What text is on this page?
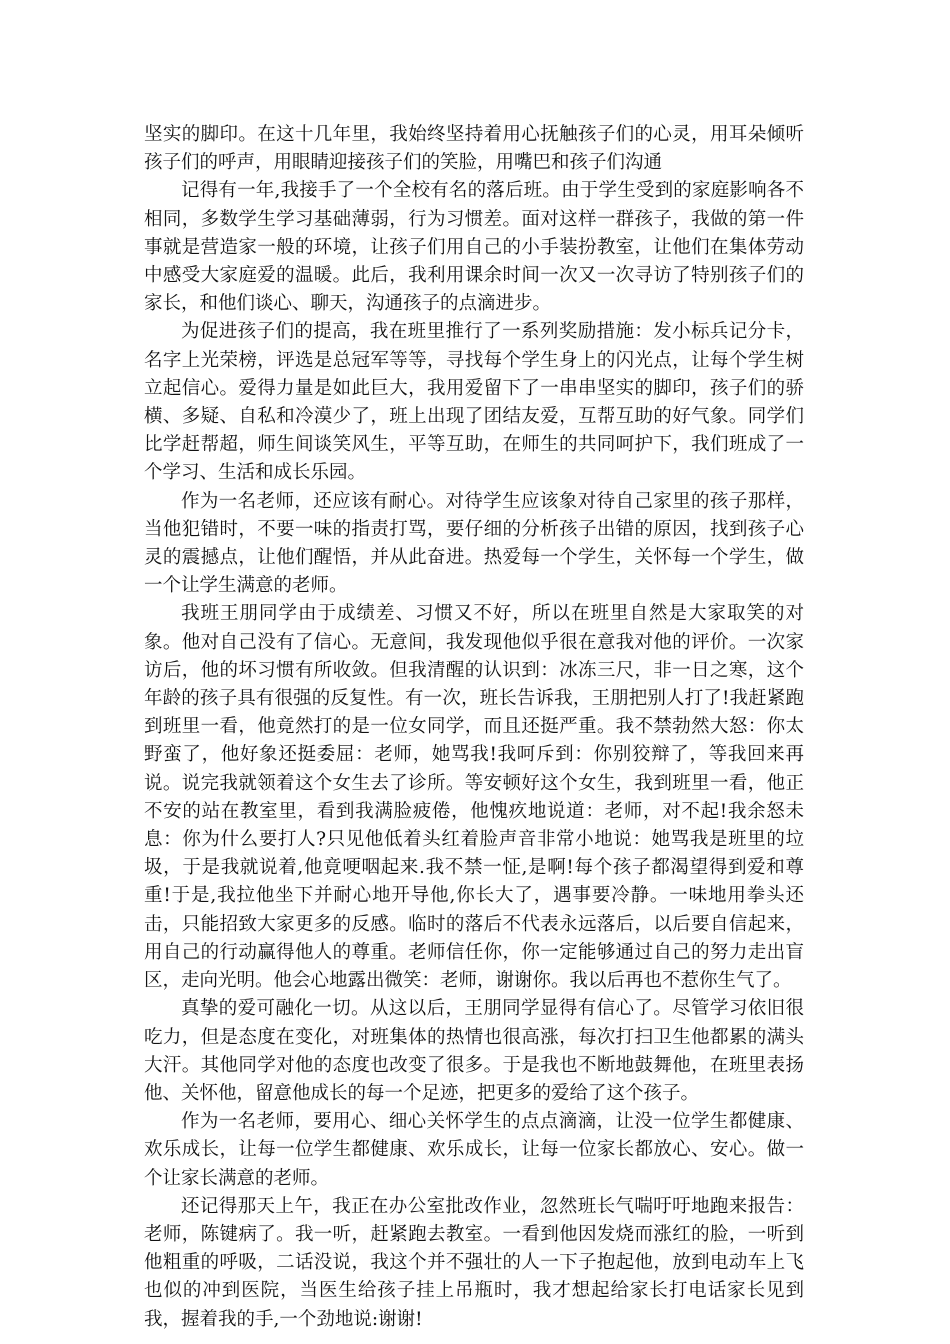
坚实的脚印。在这十几年里，我始终坚持着用心抚触孩子们的心灵，用耳朵倾听孩子们的呼声，用眼睛迎接孩子们的笑脸，用嘴巴和孩子们沟通

记得有一年,我接手了一个全校有名的落后班。由于学生受到的家庭影响各不相同，多数学生学习基础薄弱，行为习惯差。面对这样一群孩子，我做的第一件事就是营造家一般的环境，让孩子们用自己的小手装扮教室，让他们在集体劳动中感受大家庭爱的温暖。此后，我利用课余时间一次又一次寻访了特别孩子们的家长，和他们谈心、聊天，沟通孩子的点滴进步。

为促进孩子们的提高，我在班里推行了一系列奖励措施：发小标兵记分卡，名字上光荣榜，评选是总冠军等等，寻找每个学生身上的闪光点，让每个学生树立起信心。爱得力量是如此巨大，我用爱留下了一串串坚实的脚印，孩子们的骄横、多疑、自私和冷漠少了，班上出现了团结友爱，互帮互助的好气象。同学们比学赶帮超，师生间谈笑风生，平等互助，在师生的共同呵护下，我们班成了一个学习、生活和成长乐园。

作为一名老师，还应该有耐心。对待学生应该象对待自己家里的孩子那样，当他犯错时，不要一味的指责打骂，要仔细的分析孩子出错的原因，找到孩子心灵的震撼点，让他们醒悟，并从此奋进。热爱每一个学生，关怀每一个学生，做一个让学生满意的老师。

我班王朋同学由于成绩差、习惯又不好，所以在班里自然是大家取笑的对象。他对自己没有了信心。无意间，我发现他似乎很在意我对他的评价。一次家访后，他的坏习惯有所收敛。但我清醒的认识到：冰冻三尺，非一日之寒，这个年龄的孩子具有很强的反复性。有一次，班长告诉我，王朋把别人打了!我赶紧跑到班里一看，他竟然打的是一位女同学，而且还挺严重。我不禁勃然大怒：你太野蛮了，他好象还挺委屈：老师，她骂我!我呵斥到：你别狡辩了，等我回来再说。说完我就领着这个女生去了诊所。等安顿好这个女生，我到班里一看，他正不安的站在教室里，看到我满脸疲倦，他愧疚地说道：老师，对不起!我余怒未息：你为什么要打人?只见他低着头红着脸声音非常小地说：她骂我是班里的垃圾，于是我就说着,他竟哽咽起来.我不禁一怔,是啊!每个孩子都渴望得到爱和尊重!于是,我拉他坐下并耐心地开导他,你长大了，遇事要冷静。一味地用拳头还击，只能招致大家更多的反感。临时的落后不代表永远落后，以后要自信起来，用自己的行动赢得他人的尊重。老师信任你，你一定能够通过自己的努力走出盲区，走向光明。他会心地露出微笑：老师，谢谢你。我以后再也不惹你生气了。

真挚的爱可融化一切。从这以后，王朋同学显得有信心了。尽管学习依旧很吃力，但是态度在变化，对班集体的热情也很高涨，每次打扫卫生他都累的满头大汗。其他同学对他的态度也改变了很多。于是我也不断地鼓舞他，在班里表扬他、关怀他，留意他成长的每一个足迹，把更多的爱给了这个孩子。

作为一名老师，要用心、细心关怀学生的点点滴滴，让没一位学生都健康、欢乐成长，让每一位学生都健康、欢乐成长，让每一位家长都放心、安心。做一个让家长满意的老师。

还记得那天上午，我正在办公室批改作业，忽然班长气喘吁吁地跑来报告：老师，陈键病了。我一听，赶紧跑去教室。一看到他因发烧而涨红的脸，一听到他粗重的呼吸，二话没说，我这个并不强壮的人一下子抱起他，放到电动车上飞也似的冲到医院，当医生给孩子挂上吊瓶时，我才想起给家长打电话家长见到我，握着我的手,一个劲地说:谢谢!
